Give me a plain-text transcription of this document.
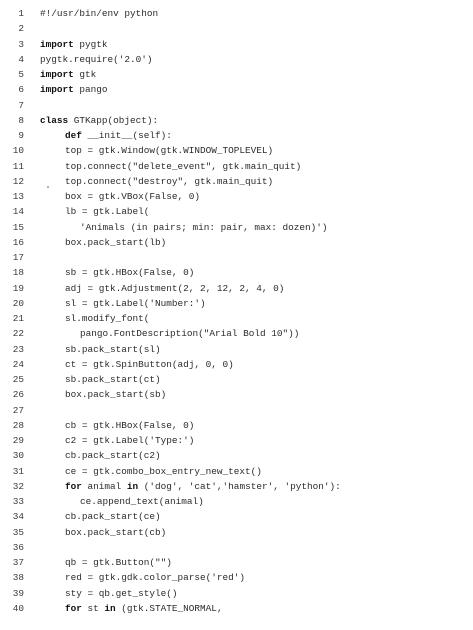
1 #!/usr/bin/env python
2
3 import pygtk
4 pygtk.require('2.0')
5 import gtk
6 import pango
7
8 class GTKapp(object):
9	def __init__(self):
10	top = gtk.Window(gtk.WINDOW_TOPLEVEL)
11	top.connect("delete_event", gtk.main_quit)
12	top.connect("destroy", gtk.main_quit)
13	box = gtk.VBox(False, 0)
14	lb = gtk.Label(
15	'Animals (in pairs; min: pair, max: dozen)')
16	box.pack_start(lb)
17
18	sb = gtk.HBox(False, 0)
19	adj = gtk.Adjustment(2, 2, 12, 2, 4, 0)
20	sl = gtk.Label('Number:')
21	sl.modify_font(
22	pango.FontDescription("Arial Bold 10"))
23	sb.pack_start(sl)
24	ct = gtk.SpinButton(adj, 0, 0)
25	sb.pack_start(ct)
26	box.pack_start(sb)
27
28	cb = gtk.HBox(False, 0)
29	c2 = gtk.Label('Type:')
30	cb.pack_start(c2)
31	ce = gtk.combo_box_entry_new_text()
32	for animal in ('dog', 'cat','hamster', 'python'):
33	ce.append_text(animal)
34	cb.pack_start(ce)
35	box.pack_start(cb)
36
37	qb = gtk.Button("")
38	red = gtk.gdk.color_parse('red')
39	sty = qb.get_style()
40	for st in (gtk.STATE_NORMAL,
